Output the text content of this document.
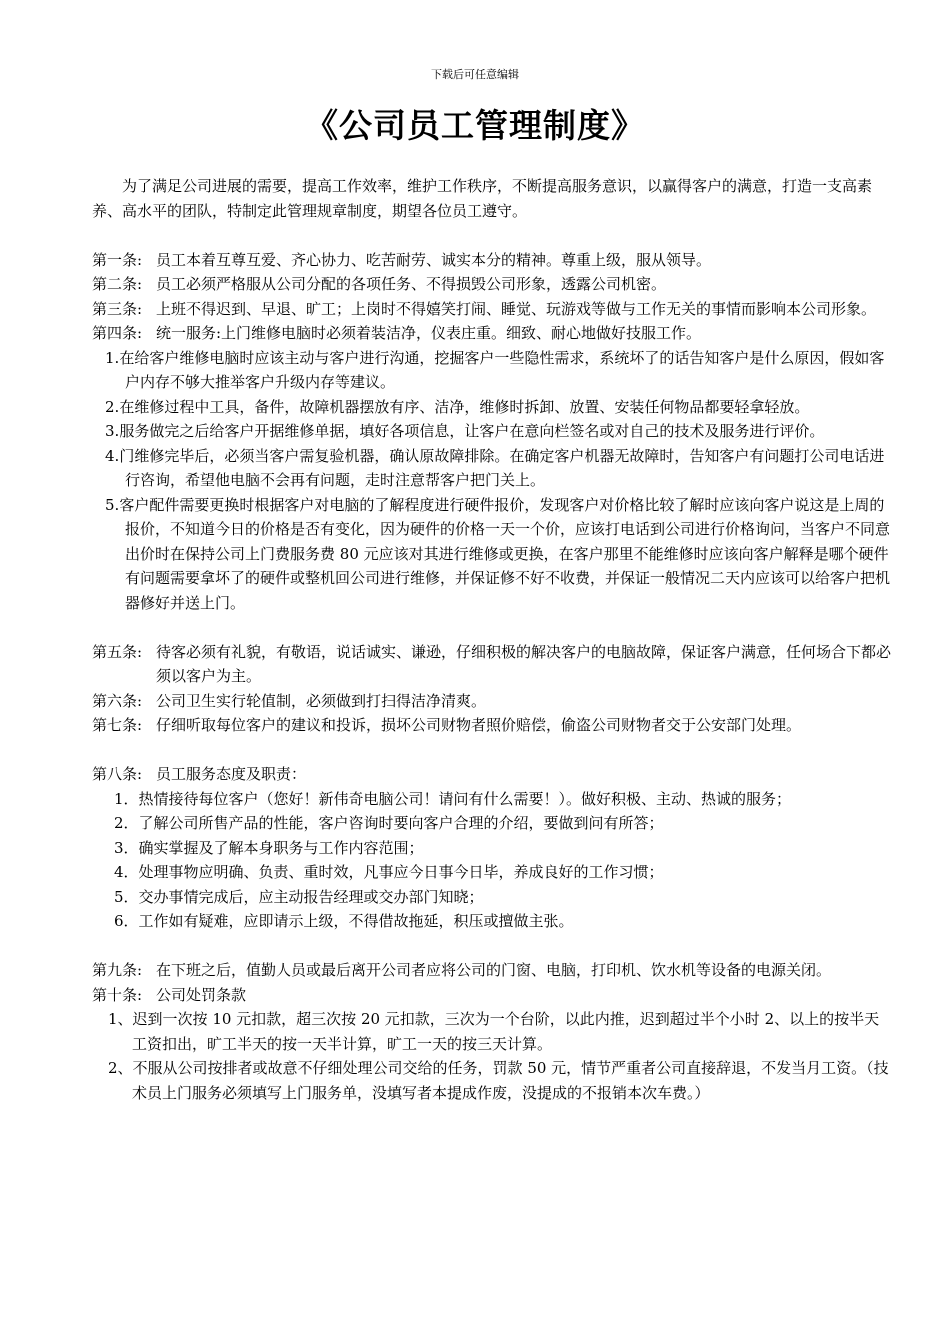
下载后可任意编辑
《公司员工管理制度》

为了满足公司进展的需要，提高工作效率，维护工作秩序，不断提高服务意识，以赢得客户的满意，打造一支高素养、高水平的团队，特制定此管理规章制度，期望各位员工遵守。

第一条: 员工本着互尊互爱、齐心协力、吃苦耐劳、诚实本分的精神。尊重上级，服从领导。

第二条: 员工必须严格服从公司分配的各项任务、不得损毁公司形象，透露公司机密。

第三条: 上班不得迟到、早退、旷工；上岗时不得嬉笑打闹、睡觉、玩游戏等做与工作无关的事情而影响本公司形象。

第四条: 统一服务:上门维修电脑时必须着装洁净，仪表庄重。细致、耐心地做好技服工作。

1.在给客户维修电脑时应该主动与客户进行沟通，挖掘客户一些隐性需求，系统坏了的话告知客户是什么原因，假如客户内存不够大推举客户升级内存等建议。

2.在维修过程中工具，备件，故障机器摆放有序、洁净，维修时拆卸、放置、安装任何物品都要轻拿轻放。

3.服务做完之后给客户开据维修单据，填好各项信息，让客户在意向栏签名或对自己的技术及服务进行评价。

4.门维修完毕后，必须当客户需复验机器，确认原故障排除。在确定客户机器无故障时，告知客户有问题打公司电话进行咨询，希望他电脑不会再有问题，走时注意帮客户把门关上。

5.客户配件需要更换时根据客户对电脑的了解程度进行硬件报价，发现客户对价格比较了解时应该向客户说这是上周的报价，不知道今日的价格是否有变化，因为硬件的价格一天一个价，应该打电话到公司进行价格询问，当客户不同意出价时在保持公司上门费服务费 80 元应该对其进行维修或更换，在客户那里不能维修时应该向客户解释是哪个硬件有问题需要拿坏了的硬件或整机回公司进行维修，并保证修不好不收费，并保证一般情况二天内应该可以给客户把机器修好并送上门。

第五条: 待客必须有礼貌，有敬语，说话诚实、谦逊，仔细积极的解决客户的电脑故障，保证客户满意，任何场合下都必须以客户为主。

第六条: 公司卫生实行轮值制，必须做到打扫得洁净清爽。

第七条: 仔细听取每位客户的建议和投诉，损坏公司财物者照价赔偿，偷盗公司财物者交于公安部门处理。

第八条: 员工服务态度及职责：

1．热情接待每位客户（您好！新伟奇电脑公司！请问有什么需要！）。做好积极、主动、热诚的服务；

2．了解公司所售产品的性能，客户咨询时要向客户合理的介绍，要做到问有所答；

3．确实掌握及了解本身职务与工作内容范围；

4．处理事物应明确、负责、重时效，凡事应今日事今日毕，养成良好的工作习惯；

5．交办事情完成后，应主动报告经理或交办部门知晓；

6．工作如有疑难，应即请示上级，不得借故拖延，积压或擅做主张。

第九条: 在下班之后，值勤人员或最后离开公司者应将公司的门窗、电脑，打印机、饮水机等设备的电源关闭。

第十条: 公司处罚条款

1、迟到一次按 10 元扣款，超三次按 20 元扣款，三次为一个台阶，以此内推，迟到超过半个小时 2、以上的按半天工资扣出，旷工半天的按一天半计算，旷工一天的按三天计算。

2、不服从公司按排者或故意不仔细处理公司交给的任务，罚款 50 元，情节严重者公司直接辞退，不发当月工资。（技术员上门服务必须填写上门服务单，没填写者本提成作废，没提成的不报销本次车费。）
